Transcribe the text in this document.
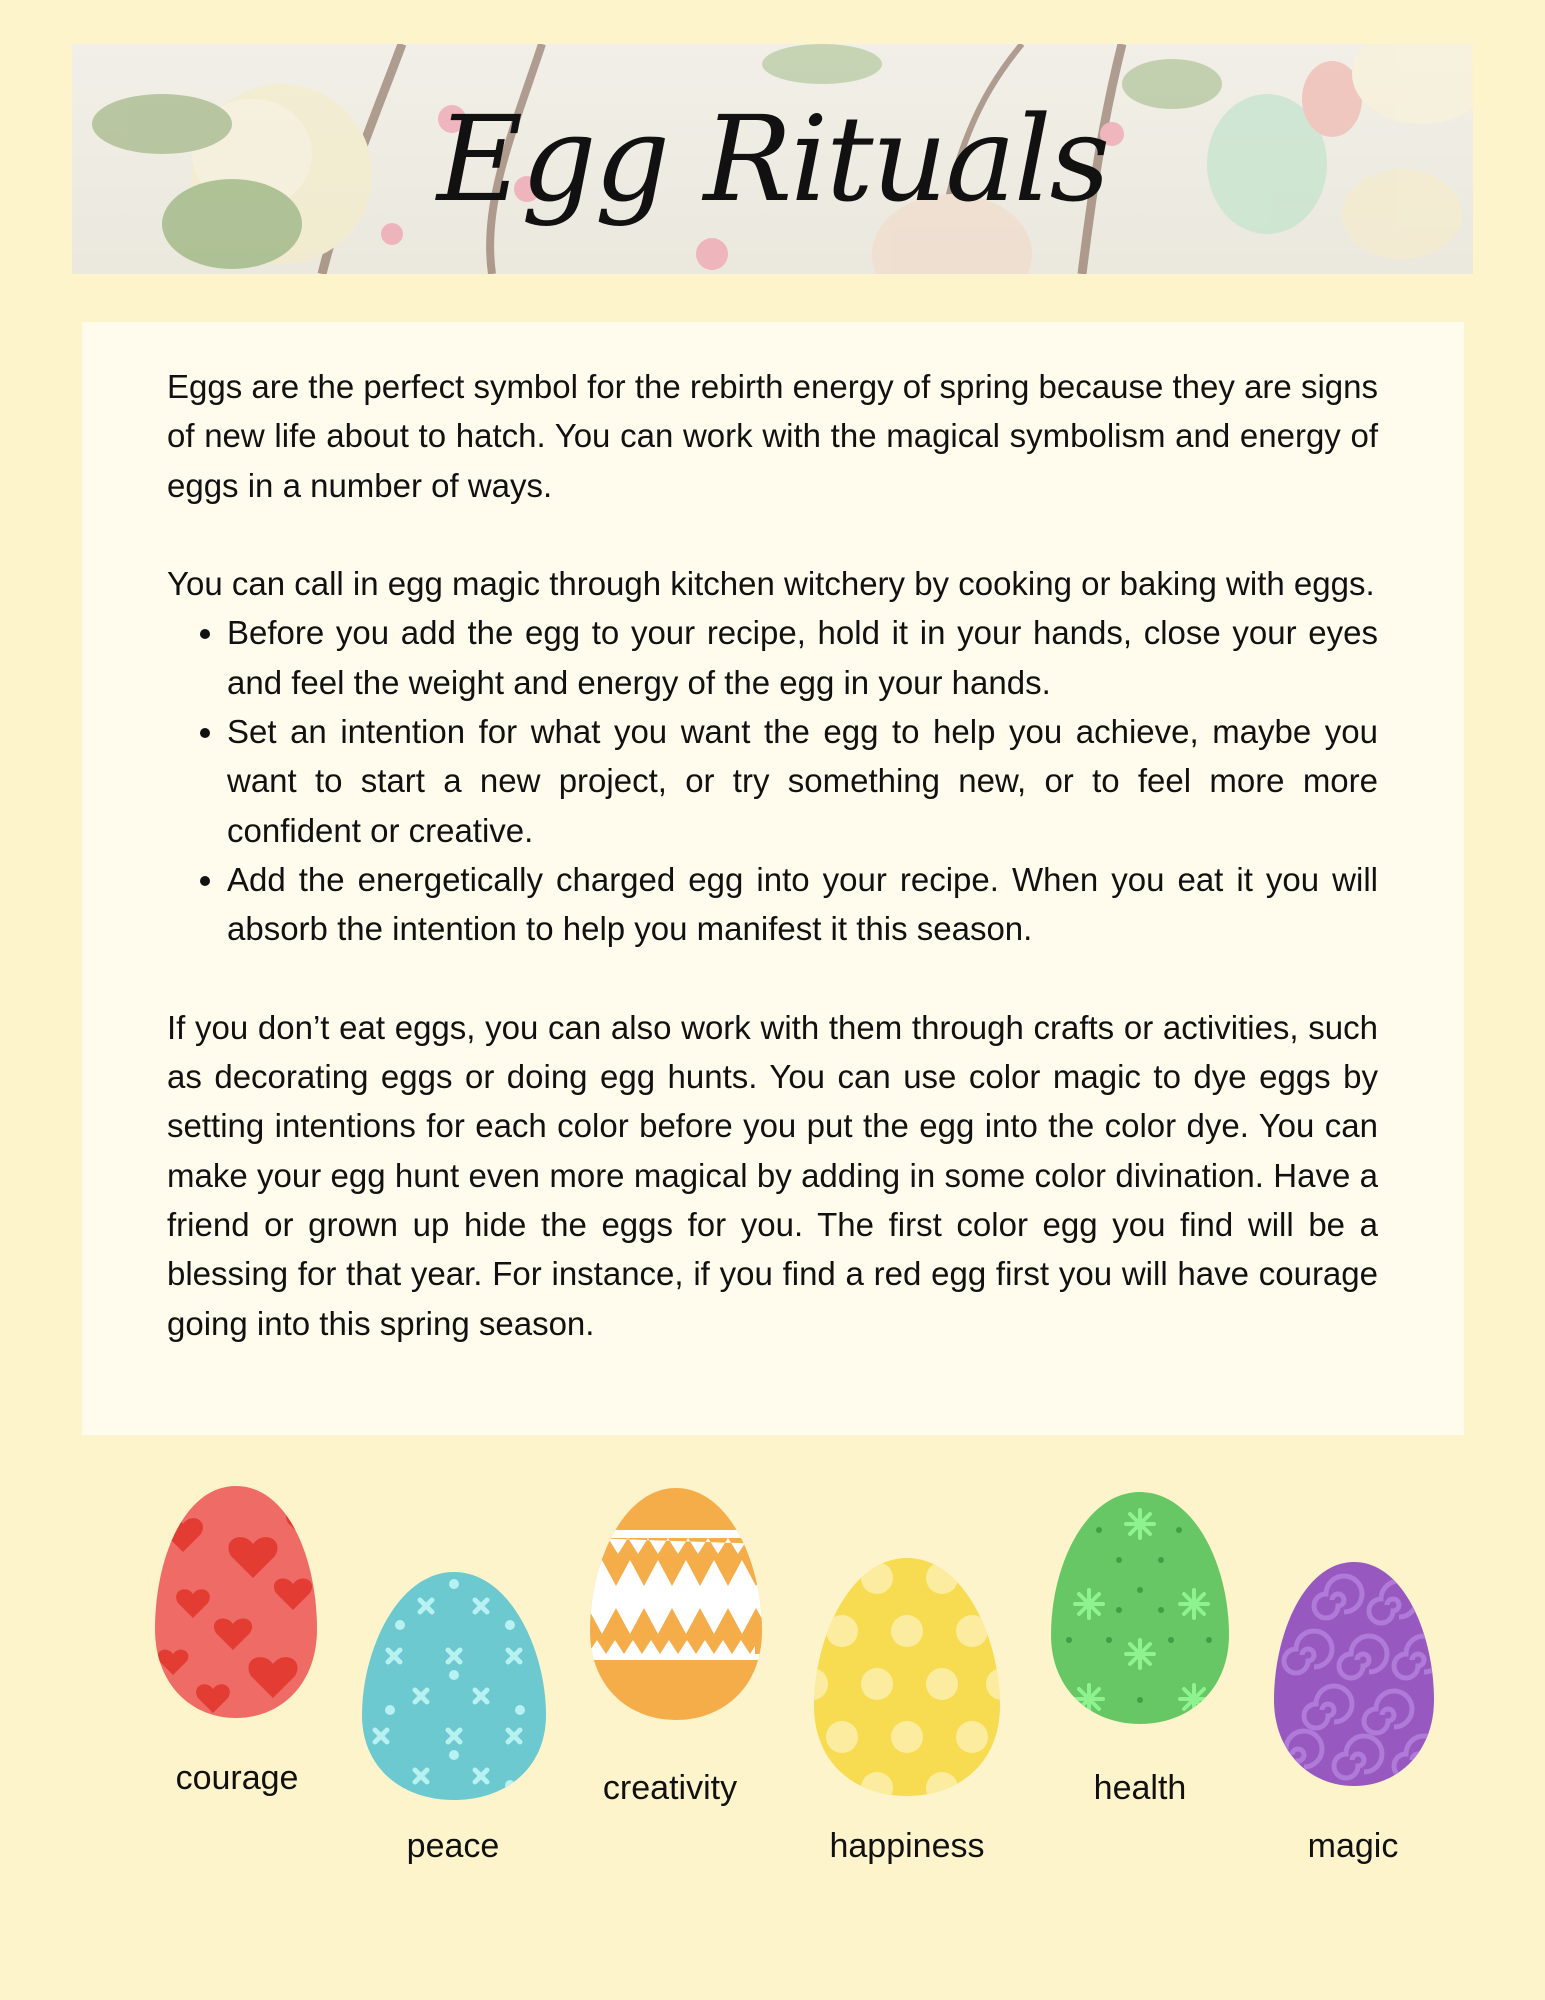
Egg Rituals

Eggs are the perfect symbol for the rebirth energy of spring because they are signs of new life about to hatch. You can work with the magical symbolism and energy of eggs in a number of ways.

You can call in egg magic through kitchen witchery by cooking or baking with eggs.

• Before you add the egg to your recipe, hold it in your hands, close your eyes and feel the weight and energy of the egg in your hands.
• Set an intention for what you want the egg to help you achieve, maybe you want to start a new project, or try something new, or to feel more more confident or creative.
• Add the energetically charged egg into your recipe. When you eat it you will absorb the intention to help you manifest it this season.

If you don’t eat eggs, you can also work with them through crafts or activities, such as decorating eggs or doing egg hunts. You can use color magic to dye eggs by setting intentions for each color before you put the egg into the color dye. You can make your egg hunt even more magical by adding in some color divination. Have a friend or grown up hide the eggs for you. The first color egg you find will be a blessing for that year. For instance, if you find a red egg first you will have courage going into this spring season.

courage
peace
creativity
happiness
health
magic
